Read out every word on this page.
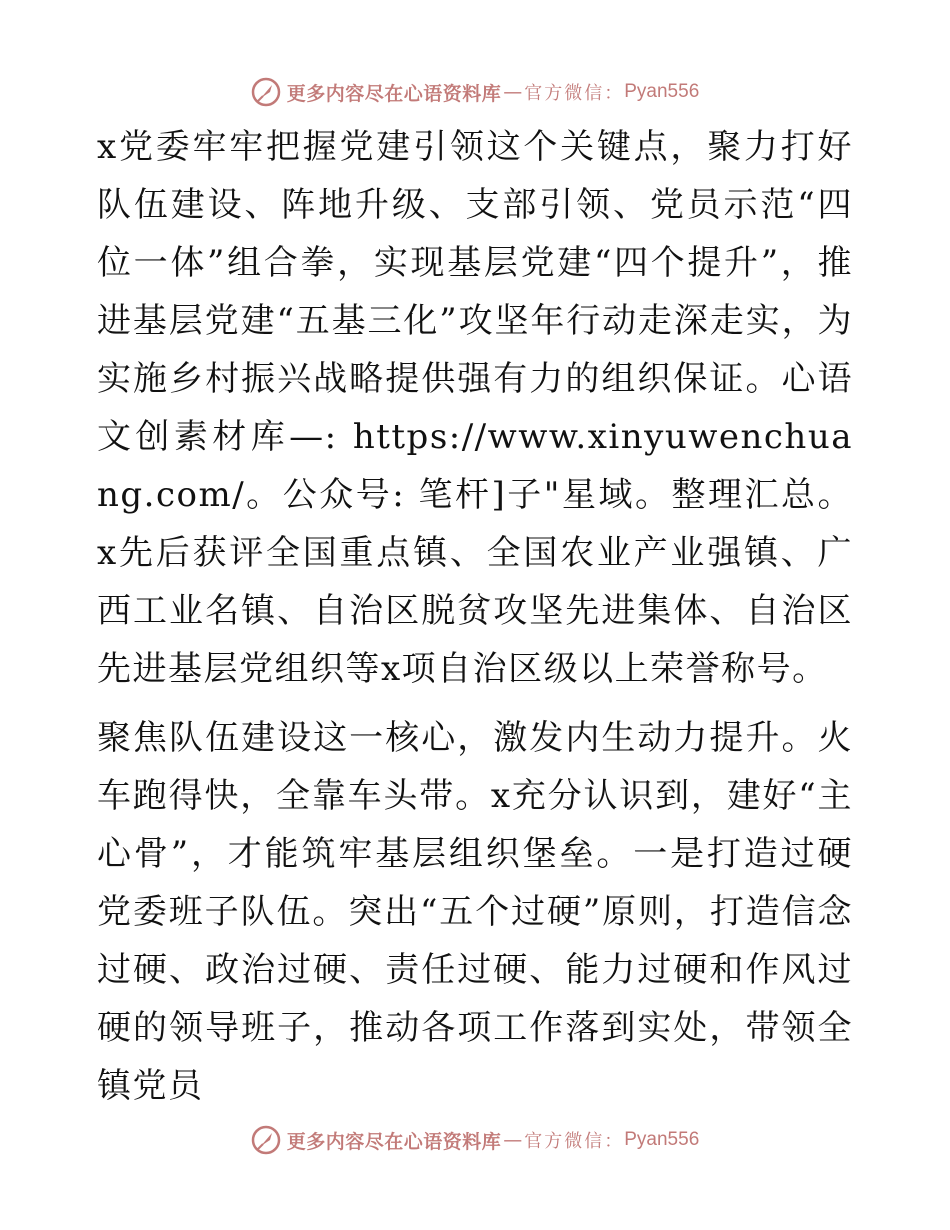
更多内容尽在心语资料库 — 官方微信： Pyan556

x党委牢牢把握党建引领这个关键点，聚力打好队伍建设、阵地升级、支部引领、党员示范“四位一体”组合拳，实现基层党建“四个提升”，推进基层党建“五基三化”攻坚年行动走深走实，为实施乡村振兴战略提供强有力的组织保证。心语文创素材库—: https://www.xinyuwenchuang.com/。公众号: 笔杆]子"星域。整理汇总。x先后获评全国重点镇、全国农业产业强镇、广西工业名镇、自治区脱贫攻坚先进集体、自治区先进基层党组织等x项自治区级以上荣誉称号。

聚焦队伍建设这一核心，激发内生动力提升。火车跑得快，全靠车头带。x充分认识到，建好“主心骨”，才能筑牢基层组织堡垒。一是打造过硬党委班子队伍。突出“五个过硬”原则，打造信念过硬、政治过硬、责任过硬、能力过硬和作风过硬的领导班子，推动各项工作落到实处，带领全镇党员

更多内容尽在心语资料库 — 官方微信： Pyan556
